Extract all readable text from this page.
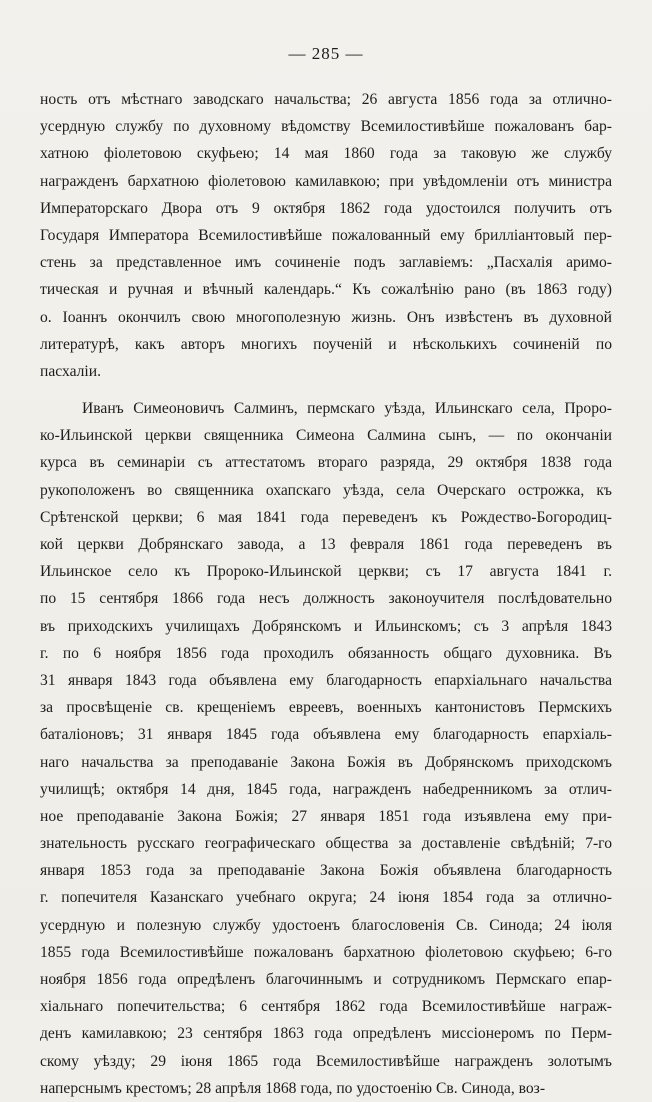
— 285 —
ность отъ мѣстнаго заводскаго начальства; 26 августа 1856 года за отлично-
усердную службу по духовному вѣдомству Всемилостивѣйше пожалованъ бар-
хатною фіолетовою скуфьею; 14 мая 1860 года за таковую же службу
награжденъ бархатною фіолетовою камилавкою; при увѣдомленіи отъ министра
Императорскаго Двора отъ 9 октября 1862 года удостоился получить отъ
Государя Императора Всемилостивѣйше пожалованный ему бриллiантовый пер-
стень за представленное имъ сочиненіе подъ заглавіемъ: „Пасхалія аримо-
тическая и ручная и вѣчный календарь.“ Къ сожалѣнію рано (въ 1863 году)
о. Іоаннъ окончилъ свою многополезную жизнь. Онъ извѣстенъ въ духовной
литературѣ, какъ авторъ многихъ поученій и нѣсколькихъ сочиненій по
пасхаліи.
Иванъ Симеоновичъ Салминъ, пермскаго уѣзда, Ильинскаго села, Проро-
ко-Ильинской церкви священника Симеона Салмина сынъ, — по окончаніи
курса въ семинаріи съ аттестатомъ втораго разряда, 29 октября 1838 года
рукоположенъ во священника охапскаго уѣзда, села Очерскаго острожка, къ
Срѣтенской церкви; 6 мая 1841 года переведенъ къ Рождество-Богородиц-
кой церкви Добрянскаго завода, а 13 февраля 1861 года переведенъ въ
Ильинское село къ Пророко-Ильинской церкви; съ 17 августа 1841 г.
по 15 сентября 1866 года несъ должность законоучителя послѣдовательно
въ приходскихъ училищахъ Добрянскомъ и Ильинскомъ; съ 3 апрѣля 1843
г. по 6 ноября 1856 года проходилъ обязанность общаго духовника. Въ
31 января 1843 года объявлена ему благодарность епархіальнаго начальства
за просвѣщеніе св. крещеніемъ евреевъ, военныхъ кантонистовъ Пермскихъ
баталіоновъ; 31 января 1845 года объявлена ему благодарность епархіаль-
наго начальства за преподаваніе Закона Божія въ Добрянскомъ приходскомъ
училищѣ; октября 14 дня, 1845 года, награжденъ набедренникомъ за отлич-
ное преподаваніе Закона Божія; 27 января 1851 года изъявлена ему при-
знательность русскаго географическаго общества за доставленіе свѣдѣній; 7-го
января 1853 года за преподаваніе Закона Божія объявлена благодарность
г. попечителя Казанскаго учебнаго округа; 24 іюня 1854 года за отлично-
усердную и полезную службу удостоенъ благословенія Св. Синода; 24 іюля
1855 года Всемилостивѣйше пожалованъ бархатною фіолетовою скуфьею; 6-го
ноября 1856 года опредѣленъ благочиннымъ и сотрудникомъ Пермскаго епар-
хіальнаго попечительства; 6 сентября 1862 года Всемилостивѣйше награж-
денъ камилавкою; 23 сентября 1863 года опредѣленъ миссіонеромъ по Перм-
скому уѣзду; 29 іюня 1865 года Всемилостивѣйше награжденъ золотымъ
наперснымъ крестомъ; 28 апрѣля 1868 года, по удостоенію Св. Синода, воз-
